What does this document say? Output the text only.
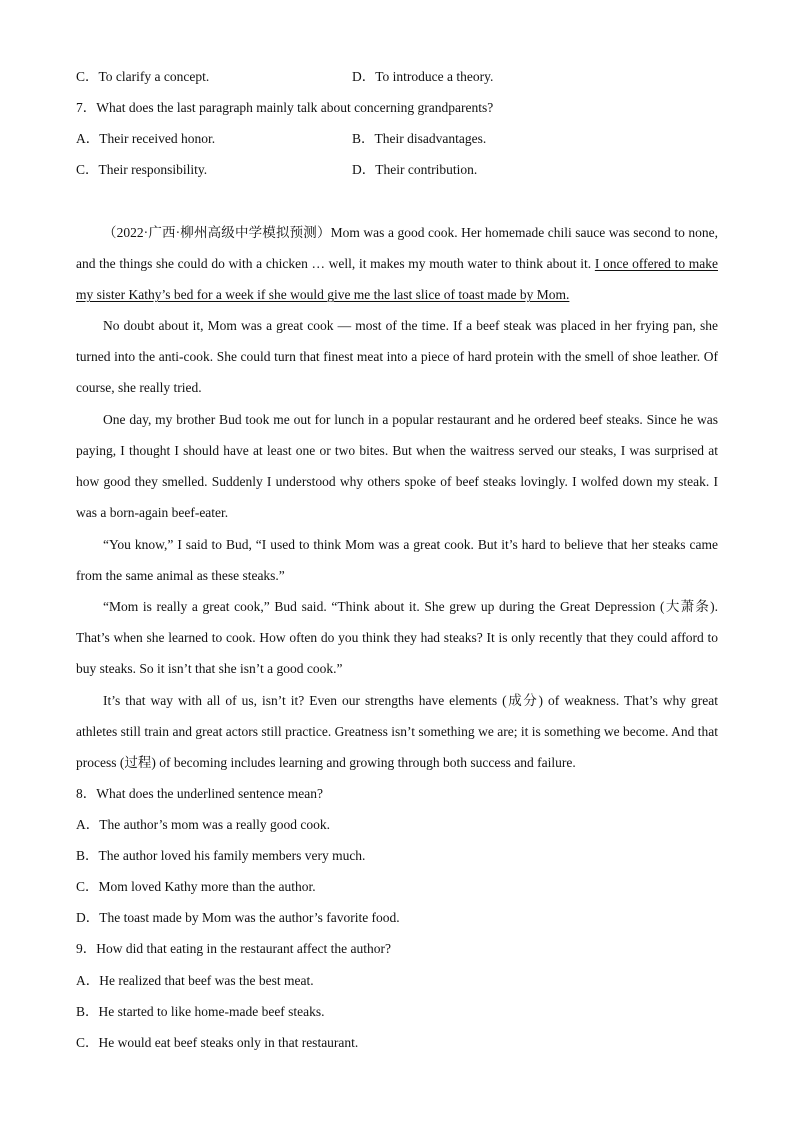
C．To clarify a concept.	D．To introduce a theory.
7．What does the last paragraph mainly talk about concerning grandparents?
A．Their received honor.	B．Their disadvantages.
C．Their responsibility.	D．Their contribution.
（2022·广西·柳州高级中学模拟预测）Mom was a good cook. Her homemade chili sauce was second to none, and the things she could do with a chicken … well, it makes my mouth water to think about it. I once offered to make my sister Kathy’s bed for a week if she would give me the last slice of toast made by Mom.
No doubt about it, Mom was a great cook — most of the time. If a beef steak was placed in her frying pan, she turned into the anti-cook. She could turn that finest meat into a piece of hard protein with the smell of shoe leather. Of course, she really tried.
One day, my brother Bud took me out for lunch in a popular restaurant and he ordered beef steaks. Since he was paying, I thought I should have at least one or two bites. But when the waitress served our steaks, I was surprised at how good they smelled. Suddenly I understood why others spoke of beef steaks lovingly. I wolfed down my steak. I was a born-again beef-eater.
“You know,” I said to Bud, “I used to think Mom was a great cook. But it’s hard to believe that her steaks came from the same animal as these steaks.”
“Mom is really a great cook,” Bud said. “Think about it. She grew up during the Great Depression (大萧条). That’s when she learned to cook. How often do you think they had steaks? It is only recently that they could afford to buy steaks. So it isn’t that she isn’t a good cook.”
It’s that way with all of us, isn’t it? Even our strengths have elements (成分) of weakness. That’s why great athletes still train and great actors still practice. Greatness isn’t something we are; it is something we become. And that process (过程) of becoming includes learning and growing through both success and failure.
8．What does the underlined sentence mean?
A．The author’s mom was a really good cook.
B．The author loved his family members very much.
C．Mom loved Kathy more than the author.
D．The toast made by Mom was the author’s favorite food.
9．How did that eating in the restaurant affect the author?
A．He realized that beef was the best meat.
B．He started to like home-made beef steaks.
C．He would eat beef steaks only in that restaurant.
